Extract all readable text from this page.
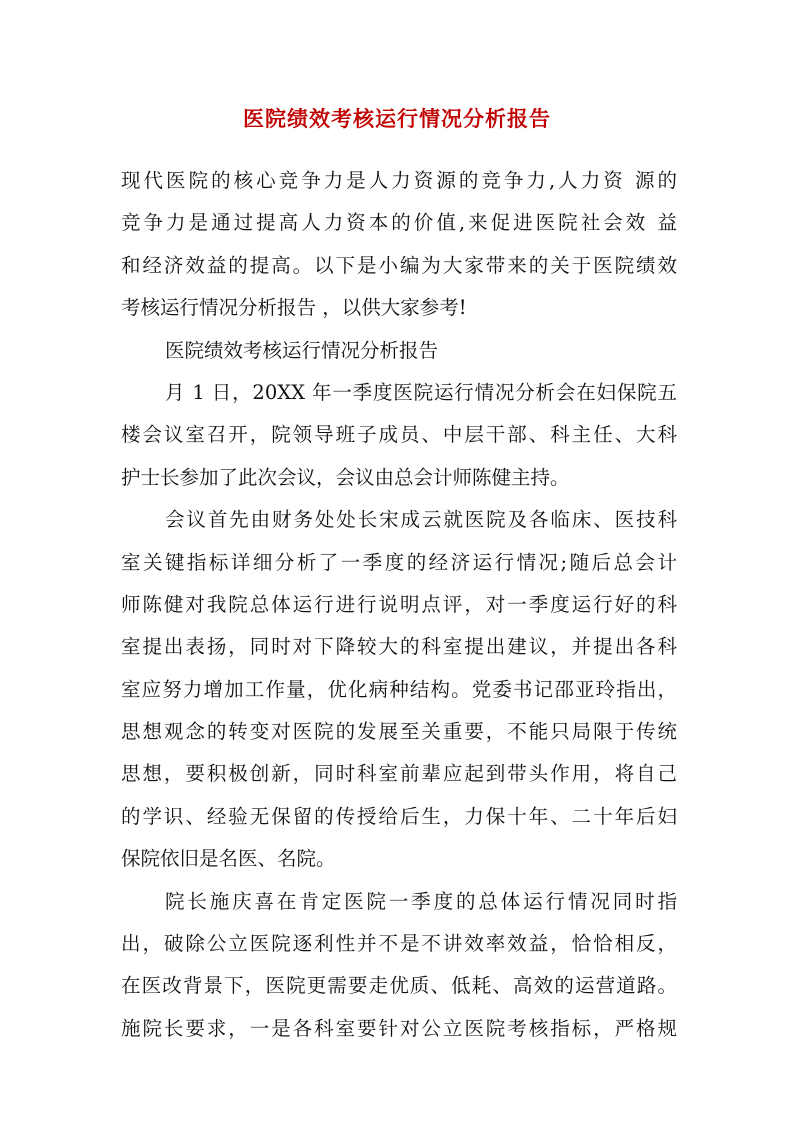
医院绩效考核运行情况分析报告
现代医院的核心竞争力是人力资源的竞争力,人力资 源的
竞争力是通过提高人力资本的价值,来促进医院社会效 益
和经济效益的提高。以下是小编为大家带来的关于医院绩效
考核运行情况分析报告 ，以供大家参考!
医院绩效考核运行情况分析报告
月 1 日，20XX 年一季度医院运行情况分析会在妇保院五
楼会议室召开，院领导班子成员、中层干部、科主任、大科
护士长参加了此次会议，会议由总会计师陈健主持。
会议首先由财务处处长宋成云就医院及各临床、医技科
室关键指标详细分析了一季度的经济运行情况;随后总会计
师陈健对我院总体运行进行说明点评，对一季度运行好的科
室提出表扬，同时对下降较大的科室提出建议，并提出各科
室应努力增加工作量，优化病种结构。党委书记邵亚玲指出，
思想观念的转变对医院的发展至关重要，不能只局限于传统
思想，要积极创新，同时科室前辈应起到带头作用，将自己
的学识、经验无保留的传授给后生，力保十年、二十年后妇
保院依旧是名医、名院。
院长施庆喜在肯定医院一季度的总体运行情况同时指
出，破除公立医院逐利性并不是不讲效率效益，恰恰相反，
在医改背景下，医院更需要走优质、低耗、高效的运营道路。
施院长要求，一是各科室要针对公立医院考核指标，严格规
